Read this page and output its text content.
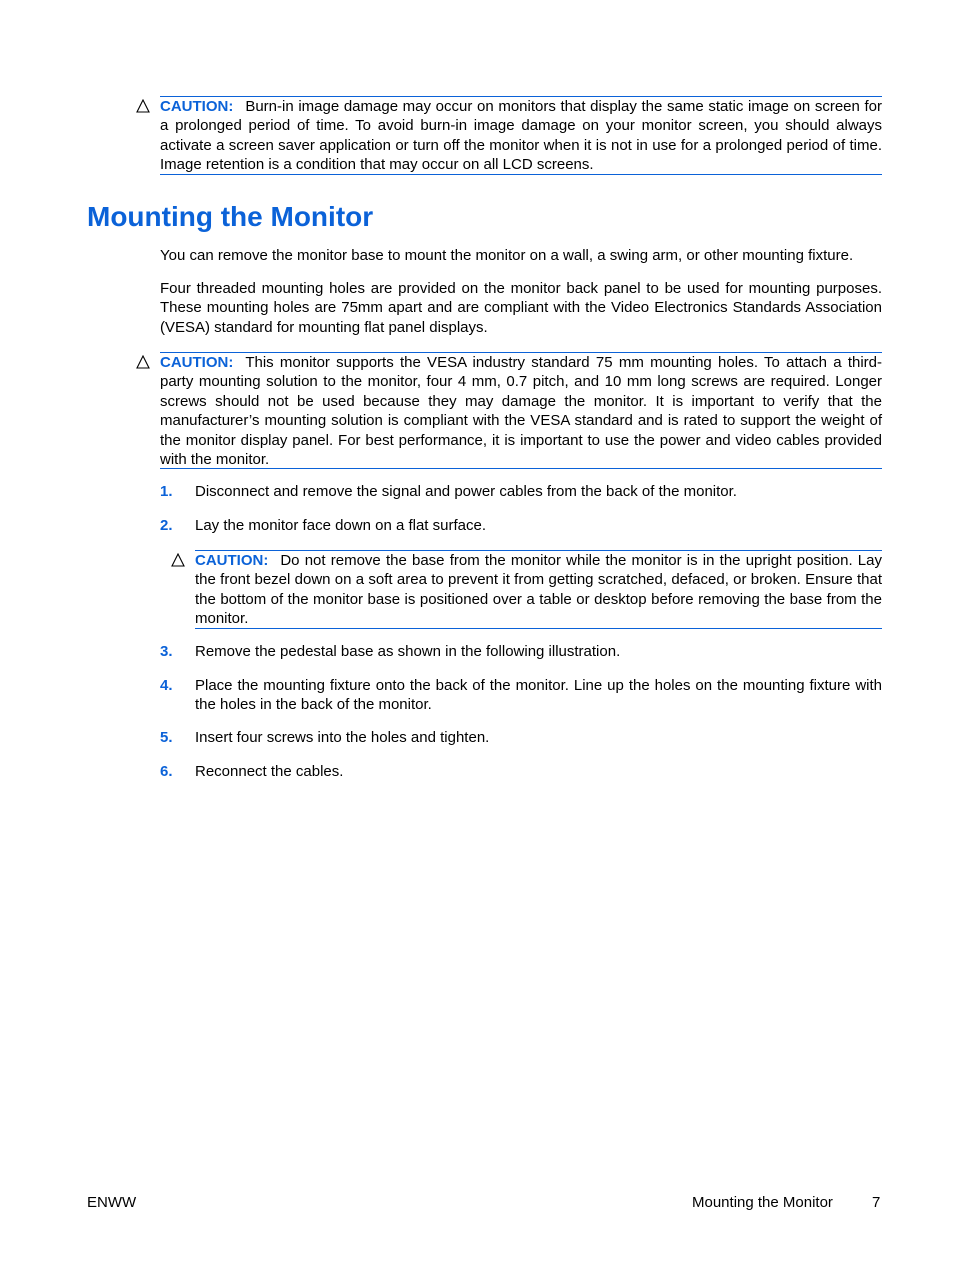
CAUTION: Burn-in image damage may occur on monitors that display the same static image on screen for a prolonged period of time. To avoid burn-in image damage on your monitor screen, you should always activate a screen saver application or turn off the monitor when it is not in use for a prolonged period of time. Image retention is a condition that may occur on all LCD screens.

Mounting the Monitor

You can remove the monitor base to mount the monitor on a wall, a swing arm, or other mounting fixture.

Four threaded mounting holes are provided on the monitor back panel to be used for mounting purposes. These mounting holes are 75mm apart and are compliant with the Video Electronics Standards Association (VESA) standard for mounting flat panel displays.

CAUTION: This monitor supports the VESA industry standard 75 mm mounting holes. To attach a third-party mounting solution to the monitor, four 4 mm, 0.7 pitch, and 10 mm long screws are required. Longer screws should not be used because they may damage the monitor. It is important to verify that the manufacturer’s mounting solution is compliant with the VESA standard and is rated to support the weight of the monitor display panel. For best performance, it is important to use the power and video cables provided with the monitor.

1. Disconnect and remove the signal and power cables from the back of the monitor.
2. Lay the monitor face down on a flat surface.

CAUTION: Do not remove the base from the monitor while the monitor is in the upright position. Lay the front bezel down on a soft area to prevent it from getting scratched, defaced, or broken. Ensure that the bottom of the monitor base is positioned over a table or desktop before removing the base from the monitor.

3. Remove the pedestal base as shown in the following illustration.
4. Place the mounting fixture onto the back of the monitor. Line up the holes on the mounting fixture with the holes in the back of the monitor.
5. Insert four screws into the holes and tighten.
6. Reconnect the cables.
ENWW	Mounting the Monitor	7
